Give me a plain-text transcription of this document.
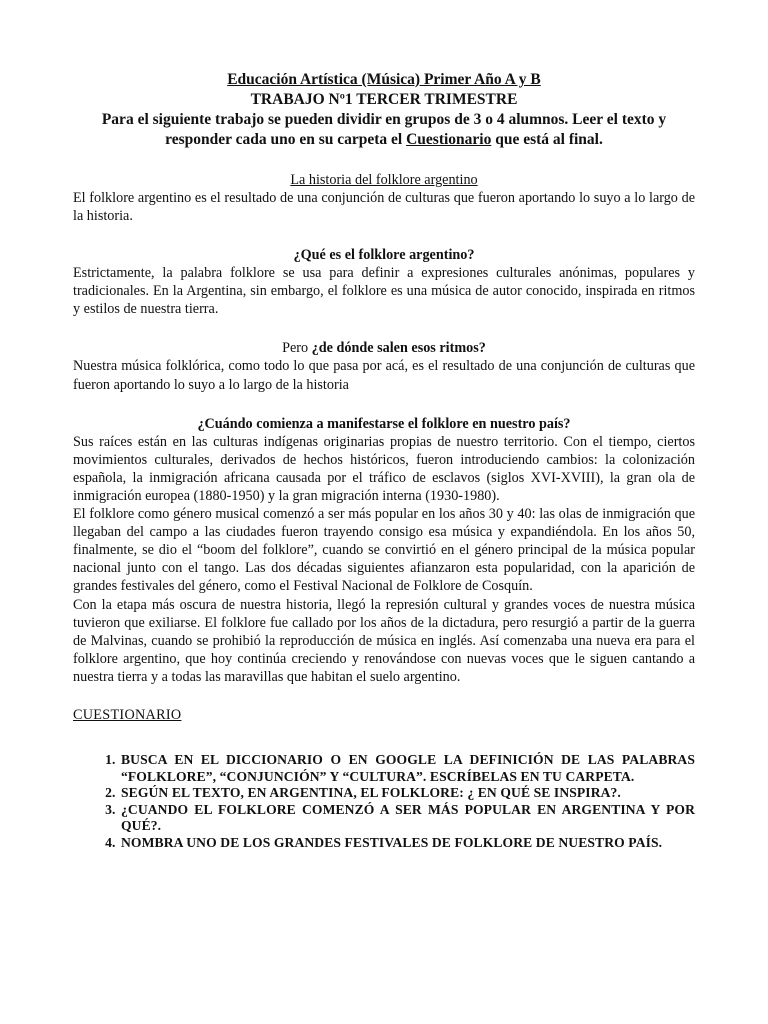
Educación Artística (Música) Primer Año A y B
TRABAJO Nº1 TERCER TRIMESTRE
Para el siguiente trabajo se pueden dividir en grupos de 3 o 4 alumnos. Leer el texto y responder cada uno en su carpeta el Cuestionario que está al final.
La historia del folklore argentino

El folklore argentino es el resultado de una conjunción de culturas que fueron aportando lo suyo a lo largo de la historia.

¿Qué es el folklore argentino?

Estrictamente, la palabra folklore se usa para definir a expresiones culturales anónimas, populares y tradicionales. En la Argentina, sin embargo, el folklore es una música de autor conocido, inspirada en ritmos y estilos de nuestra tierra.

Pero ¿de dónde salen esos ritmos?

Nuestra música folklórica, como todo lo que pasa por acá, es el resultado de una conjunción de culturas que fueron aportando lo suyo a lo largo de la historia

¿Cuándo comienza a manifestarse el folklore en nuestro país?

Sus raíces están en las culturas indígenas originarias propias de nuestro territorio. Con el tiempo, ciertos movimientos culturales, derivados de hechos históricos, fueron introduciendo cambios: la colonización española, la inmigración africana causada por el tráfico de esclavos (siglos XVI-XVIII), la gran ola de inmigración europea (1880-1950) y la gran migración interna (1930-1980).

El folklore como género musical comenzó a ser más popular en los años 30 y 40: las olas de inmigración que llegaban del campo a las ciudades fueron trayendo consigo esa música y expandiéndola. En los años 50, finalmente, se dio el “boom del folklore”, cuando se convirtió en el género principal de la música popular nacional junto con el tango. Las dos décadas siguientes afianzaron esta popularidad, con la aparición de grandes festivales del género, como el Festival Nacional de Folklore de Cosquín.

Con la etapa más oscura de nuestra historia, llegó la represión cultural y grandes voces de nuestra música tuvieron que exiliarse. El folklore fue callado por los años de la dictadura, pero resurgió a partir de la guerra de Malvinas, cuando se prohibió la reproducción de música en inglés. Así comenzaba una nueva era para el folklore argentino, que hoy continúa creciendo y renovándose con nuevas voces que le siguen cantando a nuestra tierra y a todas las maravillas que habitan el suelo argentino.

CUESTIONARIO
1. BUSCA EN EL DICCIONARIO O EN GOOGLE LA DEFINICIÓN DE LAS PALABRAS “FOLKLORE”, “CONJUNCIÓN” Y “CULTURA”. ESCRÍBELAS EN TU CARPETA.
2. SEGÚN EL TEXTO, EN ARGENTINA, EL FOLKLORE: ¿ EN QUÉ SE INSPIRA?.
3. ¿CUANDO EL FOLKLORE COMENZÓ A SER MÁS POPULAR EN ARGENTINA Y POR QUÉ?.
4. NOMBRA UNO DE LOS GRANDES FESTIVALES DE FOLKLORE DE NUESTRO PAÍS.
